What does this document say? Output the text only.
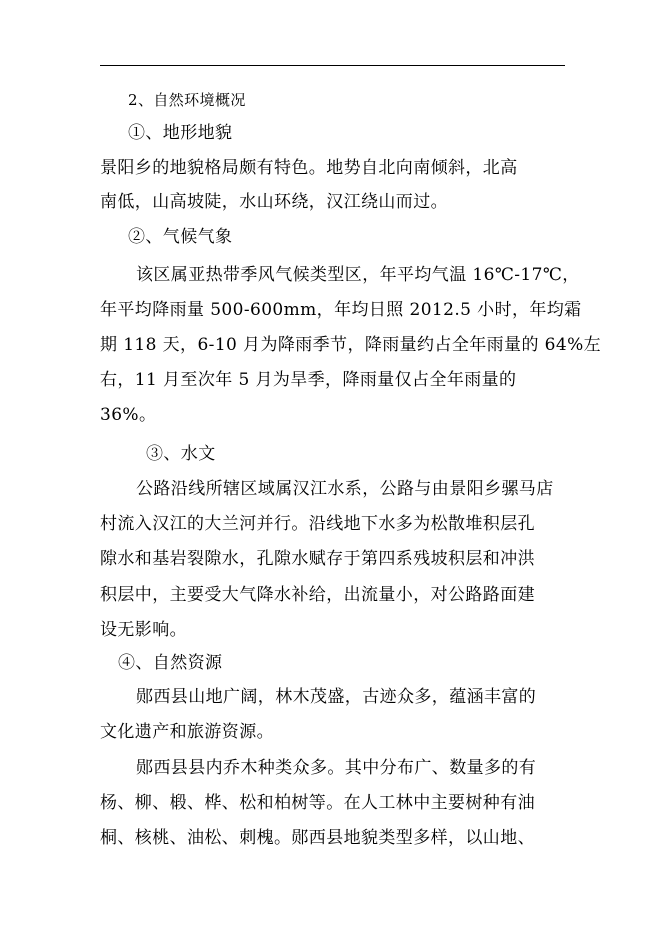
2、自然环境概况
①、地形地貌
景阳乡的地貌格局颇有特色。地势自北向南倾斜，北高
南低，山高坡陡，水山环绕，汉江绕山而过。
②、气候气象
该区属亚热带季风气候类型区，年平均气温 16℃-17℃，
年平均降雨量 500-600mm，年均日照 2012.5 小时，年均霜
期 118 天，6-10 月为降雨季节，降雨量约占全年雨量的 64%左
右，11 月至次年 5 月为旱季，降雨量仅占全年雨量的
36%。
③、水文
公路沿线所辖区域属汉江水系，公路与由景阳乡骡马店
村流入汉江的大兰河并行。沿线地下水多为松散堆积层孔
隙水和基岩裂隙水，孔隙水赋存于第四系残坡积层和冲洪
积层中，主要受大气降水补给，出流量小，对公路路面建
设无影响。
④、自然资源
郧西县山地广阔，林木茂盛，古迹众多，蕴涵丰富的
文化遗产和旅游资源。
郧西县县内乔木种类众多。其中分布广、数量多的有
杨、柳、椴、桦、松和柏树等。在人工林中主要树种有油
桐、核桃、油松、刺槐。郧西县地貌类型多样，以山地、
